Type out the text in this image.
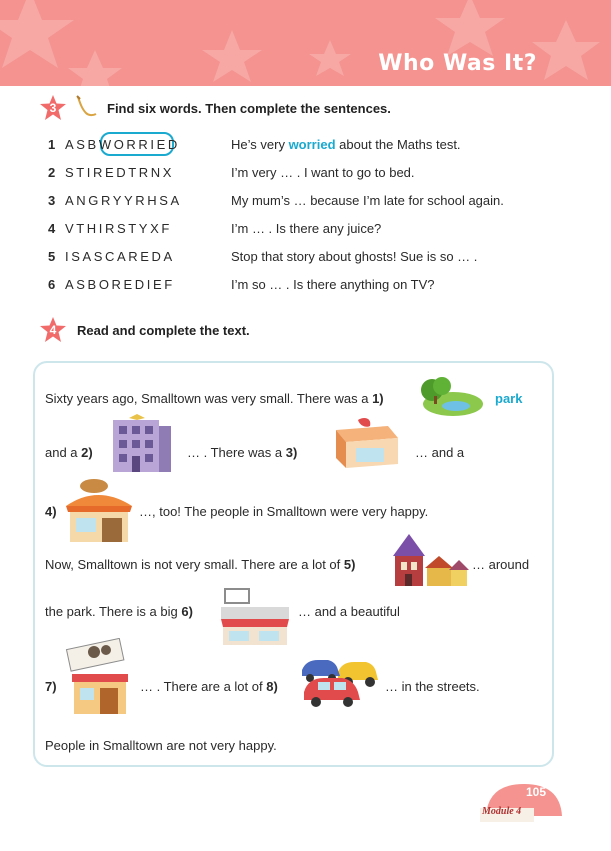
Who Was It?
3	Find six words. Then complete the sentences.
1 ASBWORRIED	He’s very worried about the Maths test.
2 STIREDTRNX	I’m very … . I want to go to bed.
3 ANGRYYRHSA	My mum’s … because I’m late for school again.
4 VTHIRSTYXF	I’m … . Is there any juice?
5 ISASCAREDA	Stop that story about ghosts! Sue is so … .
6 ASBOREDIEF	I’m so … . Is there anything on TV?
4	Read and complete the text.
Sixty years ago, Smalltown was very small. There was a 1)	park
and a 2)	… . There was a 3)	… and a
4)	…, too! The people in Smalltown were very happy.
Now, Smalltown is not very small. There are a lot of 5)	… around
the park. There is a big 6)	… and a beautiful
7)	… . There are a lot of 8)	… in the streets.
People in Smalltown are not very happy.
105
Module 4
